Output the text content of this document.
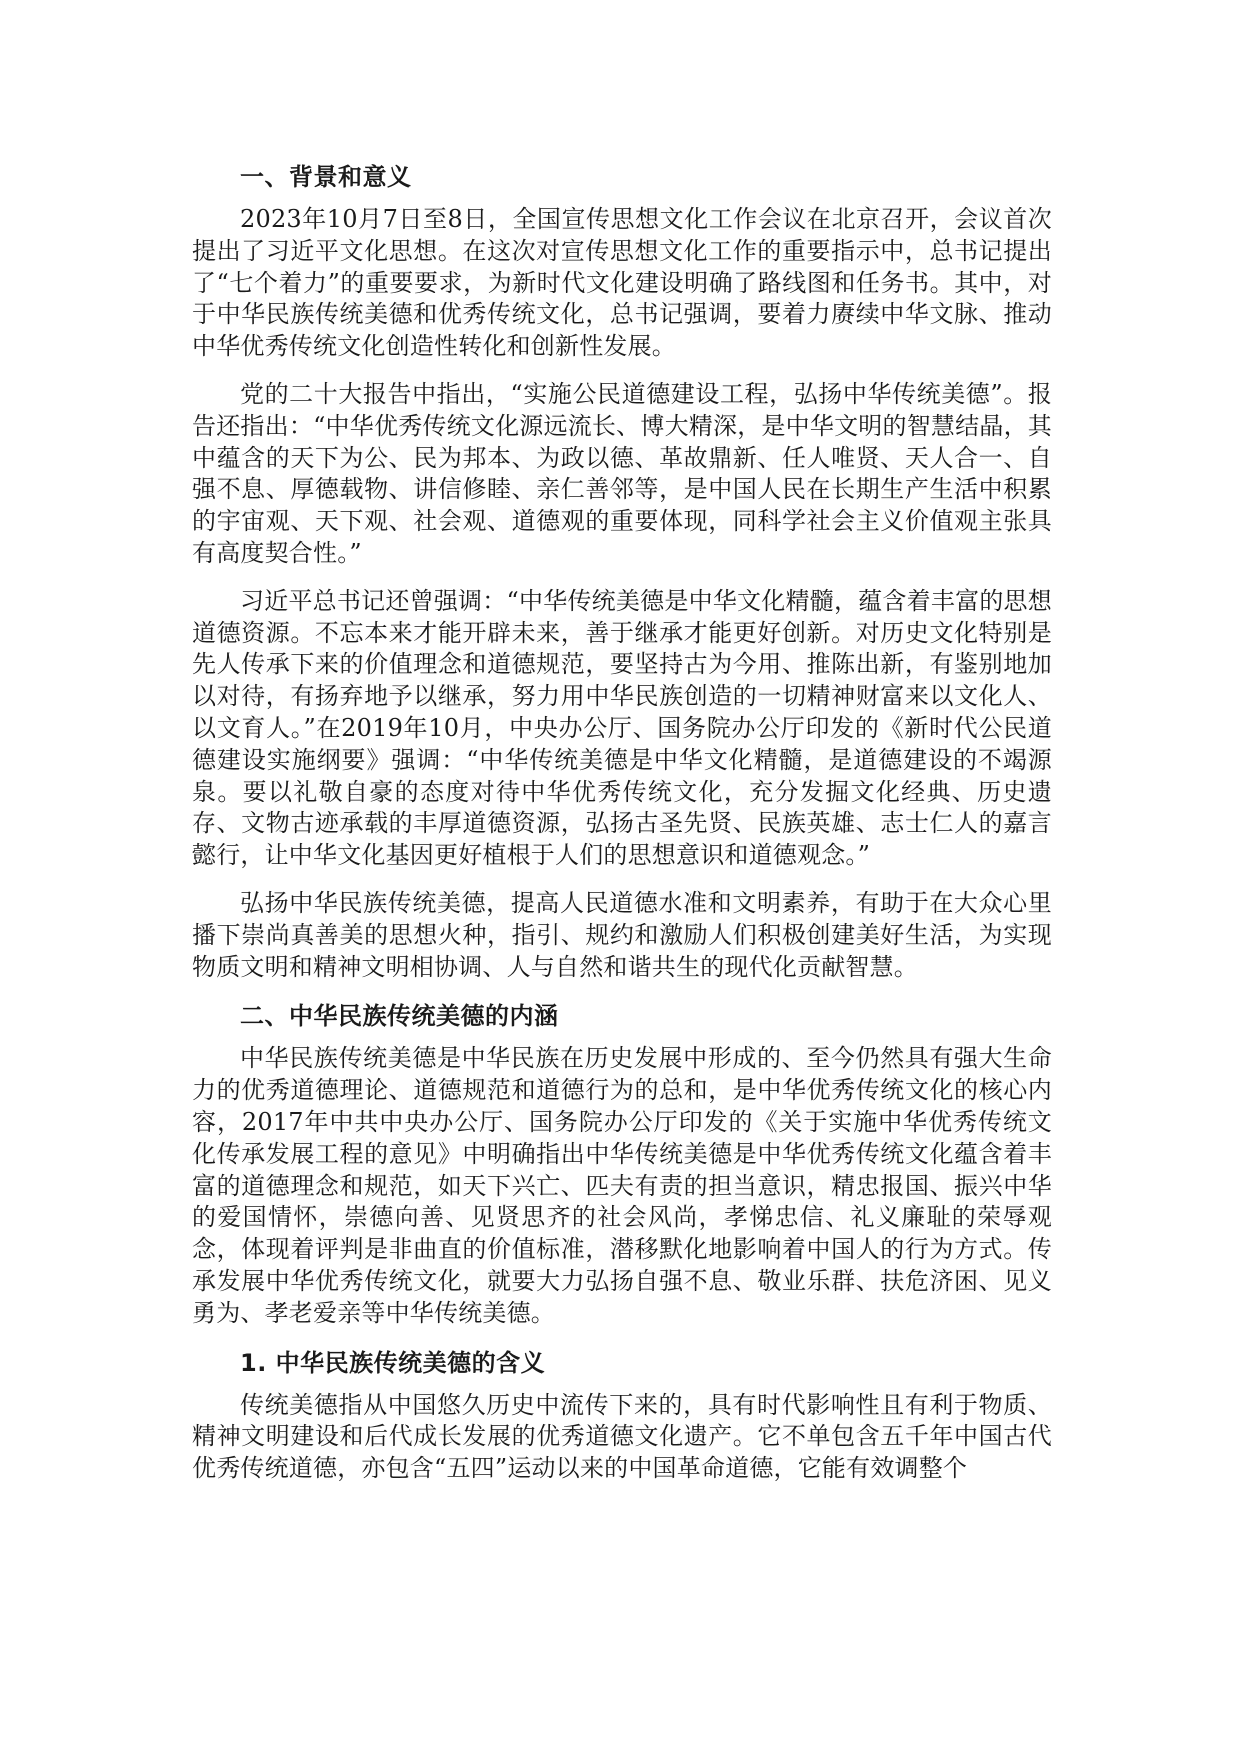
一、背景和意义

2023年10月7日至8日，全国宣传思想文化工作会议在北京召开，会议首次提出了习近平文化思想。在这次对宣传思想文化工作的重要指示中，总书记提出了“七个着力”的重要要求，为新时代文化建设明确了路线图和任务书。其中，对于中华民族传统美德和优秀传统文化，总书记强调，要着力赓续中华文脉、推动中华优秀传统文化创造性转化和创新性发展。

党的二十大报告中指出，“实施公民道德建设工程，弘扬中华传统美德”。报告还指出：“中华优秀传统文化源远流长、博大精深，是中华文明的智慧结晶，其中蕴含的天下为公、民为邦本、为政以德、革故鼎新、任人唯贤、天人合一、自强不息、厚德载物、讲信修睦、亲仁善邻等，是中国人民在长期生产生活中积累的宇宙观、天下观、社会观、道德观的重要体现，同科学社会主义价值观主张具有高度契合性。”

习近平总书记还曾强调：“中华传统美德是中华文化精髓，蕴含着丰富的思想道德资源。不忘本来才能开辟未来，善于继承才能更好创新。对历史文化特别是先人传承下来的价值理念和道德规范，要坚持古为今用、推陈出新，有鉴别地加以对待，有扬弃地予以继承，努力用中华民族创造的一切精神财富来以文化人、以文育人。”在2019年10月，中央办公厅、国务院办公厅印发的《新时代公民道德建设实施纲要》强调：“中华传统美德是中华文化精髓，是道德建设的不竭源泉。要以礼敬自豪的态度对待中华优秀传统文化，充分发掘文化经典、历史遗存、文物古迹承载的丰厚道德资源，弘扬古圣先贤、民族英雄、志士仁人的嘉言懿行，让中华文化基因更好植根于人们的思想意识和道德观念。”

弘扬中华民族传统美德，提高人民道德水准和文明素养，有助于在大众心里播下崇尚真善美的思想火种，指引、规约和激励人们积极创建美好生活，为实现物质文明和精神文明相协调、人与自然和谐共生的现代化贡献智慧。

二、中华民族传统美德的内涵

中华民族传统美德是中华民族在历史发展中形成的、至今仍然具有强大生命力的优秀道德理论、道德规范和道德行为的总和，是中华优秀传统文化的核心内容，2017年中共中央办公厅、国务院办公厅印发的《关于实施中华优秀传统文化传承发展工程的意见》中明确指出中华传统美德是中华优秀传统文化蕴含着丰富的道德理念和规范，如天下兴亡、匹夫有责的担当意识，精忠报国、振兴中华的爱国情怀，崇德向善、见贤思齐的社会风尚，孝悌忠信、礼义廉耻的荣辱观念，体现着评判是非曲直的价值标准，潜移默化地影响着中国人的行为方式。传承发展中华优秀传统文化，就要大力弘扬自强不息、敬业乐群、扶危济困、见义勇为、孝老爱亲等中华传统美德。

1. 中华民族传统美德的含义

传统美德指从中国悠久历史中流传下来的，具有时代影响性且有利于物质、精神文明建设和后代成长发展的优秀道德文化遗产。它不单包含五千年中国古代优秀传统道德，亦包含“五四”运动以来的中国革命道德，它能有效调整个
